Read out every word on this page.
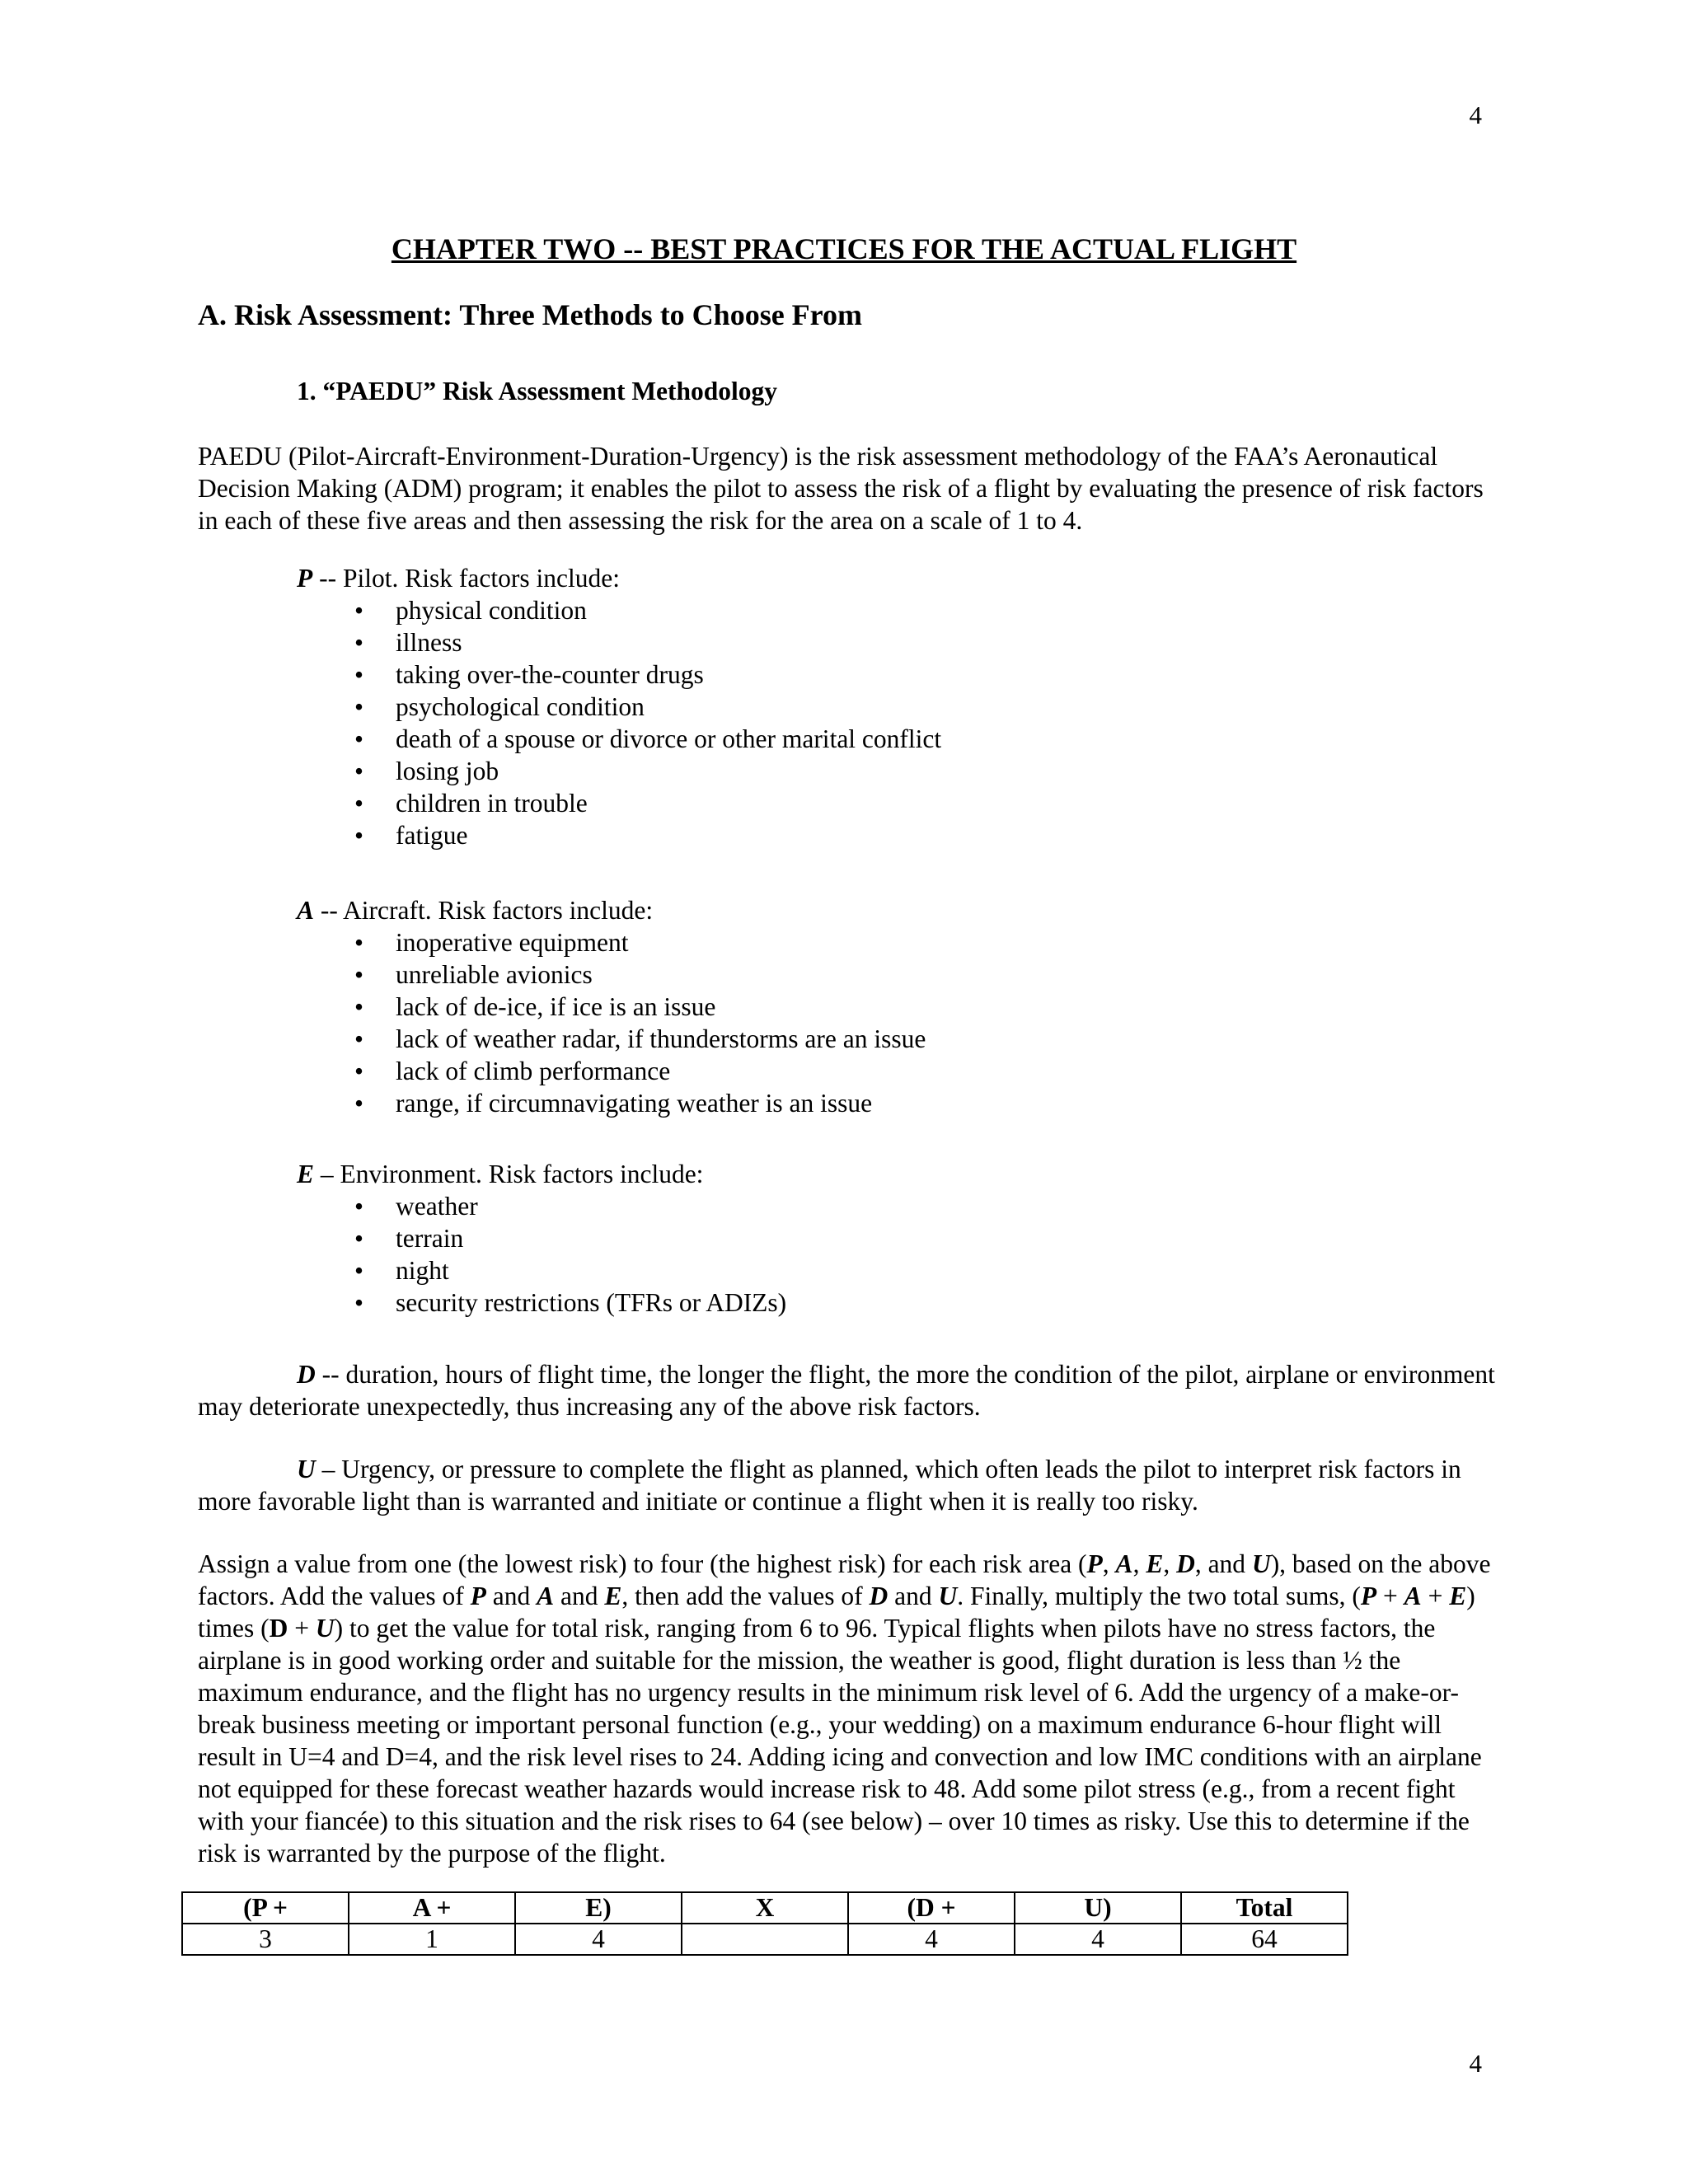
4
CHAPTER TWO -- BEST PRACTICES FOR THE ACTUAL FLIGHT
A. Risk Assessment: Three Methods to Choose From
1. “PAEDU” Risk Assessment Methodology

PAEDU (Pilot-Aircraft-Environment-Duration-Urgency) is the risk assessment methodology of the FAA’s Aeronautical Decision Making (ADM) program; it enables the pilot to assess the risk of a flight by evaluating the presence of risk factors in each of these five areas and then assessing the risk for the area on a scale of 1 to 4.

P -- Pilot. Risk factors include:

• physical condition
• illness
• taking over-the-counter drugs
• psychological condition
• death of a spouse or divorce or other marital conflict
• losing job
• children in trouble
• fatigue

A -- Aircraft. Risk factors include:

• inoperative equipment
• unreliable avionics
• lack of de-ice, if ice is an issue
• lack of weather radar, if thunderstorms are an issue
• lack of climb performance
• range, if circumnavigating weather is an issue

E – Environment. Risk factors include:

• weather
• terrain
• night
• security restrictions (TFRs or ADIZs)

D -- duration, hours of flight time, the longer the flight, the more the condition of the pilot, airplane or environment may deteriorate unexpectedly, thus increasing any of the above risk factors.

U – Urgency, or pressure to complete the flight as planned, which often leads the pilot to interpret risk factors in more favorable light than is warranted and initiate or continue a flight when it is really too risky.

Assign a value from one (the lowest risk) to four (the highest risk) for each risk area (P, A, E, D, and U), based on the above factors. Add the values of P and A and E, then add the values of D and U. Finally, multiply the two total sums, (P + A + E) times (D + U) to get the value for total risk, ranging from 6 to 96. Typical flights when pilots have no stress factors, the airplane is in good working order and suitable for the mission, the weather is good, flight duration is less than ½ the maximum endurance, and the flight has no urgency results in the minimum risk level of 6. Add the urgency of a make-or-break business meeting or important personal function (e.g., your wedding) on a maximum endurance 6-hour flight will result in U=4 and D=4, and the risk level rises to 24. Adding icing and convection and low IMC conditions with an airplane not equipped for these forecast weather hazards would increase risk to 48. Add some pilot stress (e.g., from a recent fight with your fiancée) to this situation and the risk rises to 64 (see below) – over 10 times as risky. Use this to determine if the risk is warranted by the purpose of the flight.

(P +	A +	E)	X	(D +	U)	Total
3	1	4		4	4	64
4
